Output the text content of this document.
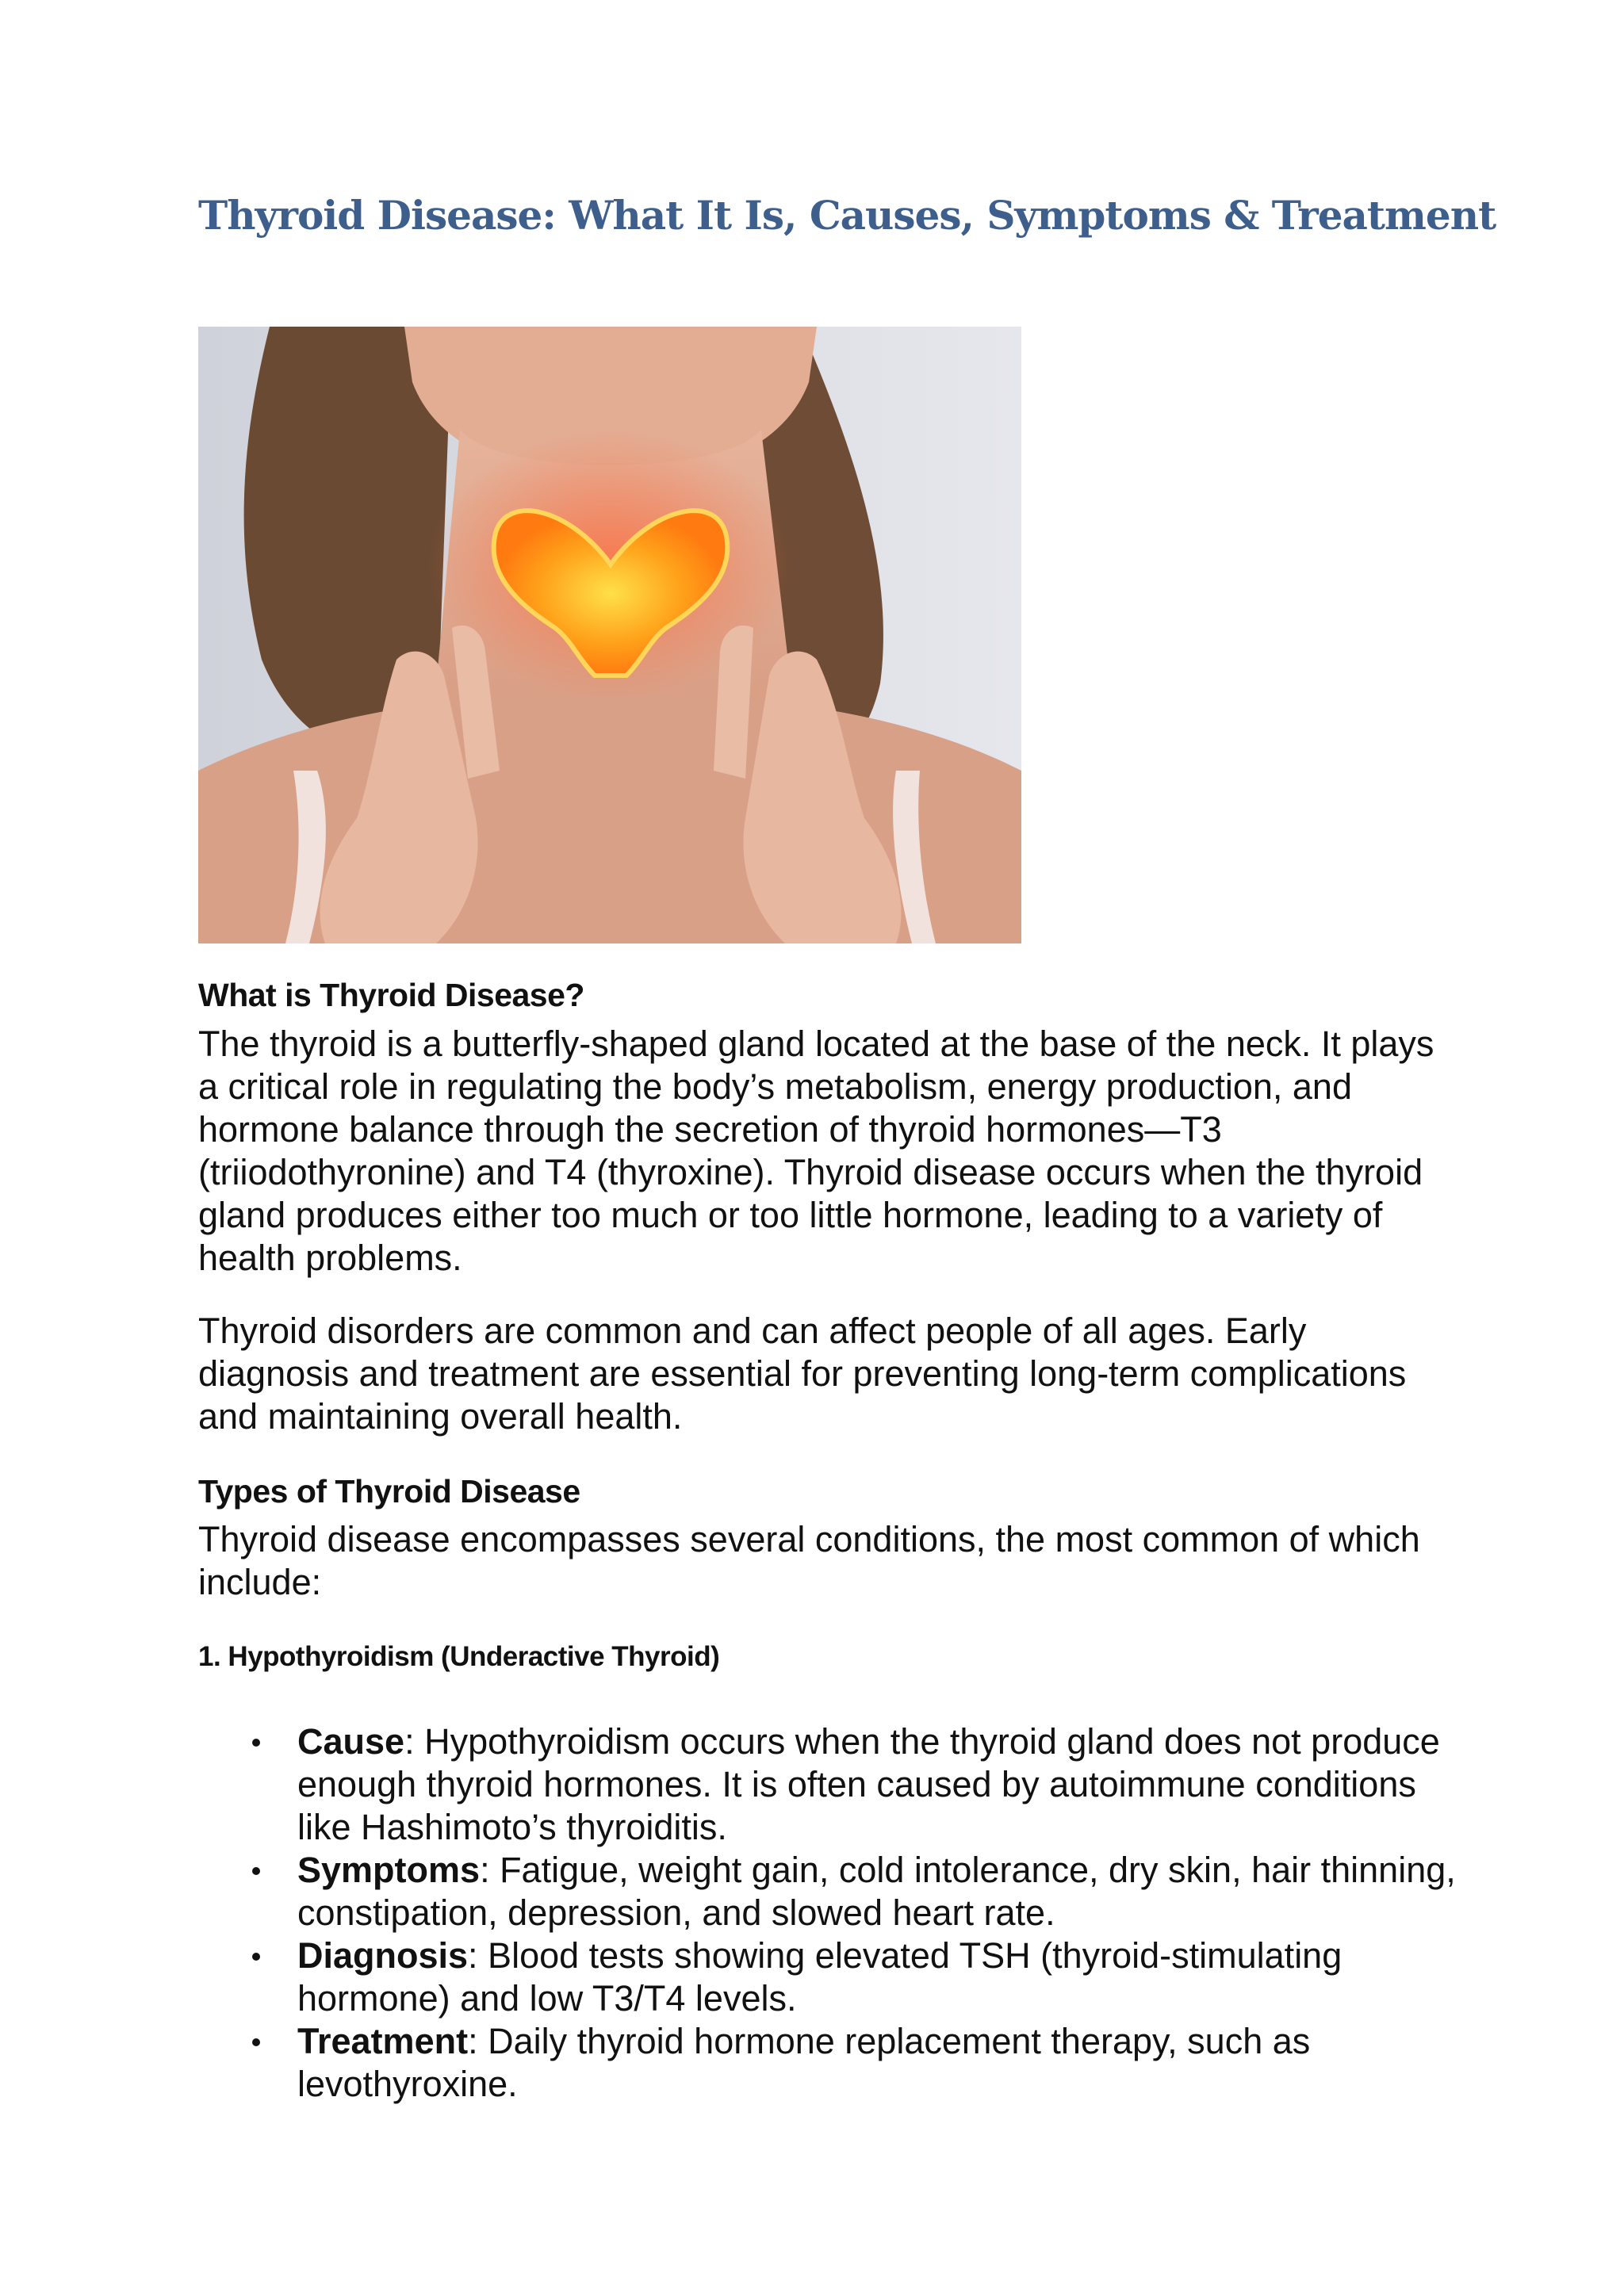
Thyroid Disease: What It Is, Causes, Symptoms & Treatment
What is Thyroid Disease?

The thyroid is a butterfly-shaped gland located at the base of the neck. It plays a critical role in regulating the body’s metabolism, energy production, and hormone balance through the secretion of thyroid hormones—T3 (triiodothyronine) and T4 (thyroxine). Thyroid disease occurs when the thyroid gland produces either too much or too little hormone, leading to a variety of health problems.

Thyroid disorders are common and can affect people of all ages. Early diagnosis and treatment are essential for preventing long-term complications and maintaining overall health.

Types of Thyroid Disease

Thyroid disease encompasses several conditions, the most common of which include:

1. Hypothyroidism (Underactive Thyroid)
Cause: Hypothyroidism occurs when the thyroid gland does not produce enough thyroid hormones. It is often caused by autoimmune conditions like Hashimoto’s thyroiditis.
Symptoms: Fatigue, weight gain, cold intolerance, dry skin, hair thinning, constipation, depression, and slowed heart rate.
Diagnosis: Blood tests showing elevated TSH (thyroid-stimulating hormone) and low T3/T4 levels.
Treatment: Daily thyroid hormone replacement therapy, such as levothyroxine.
